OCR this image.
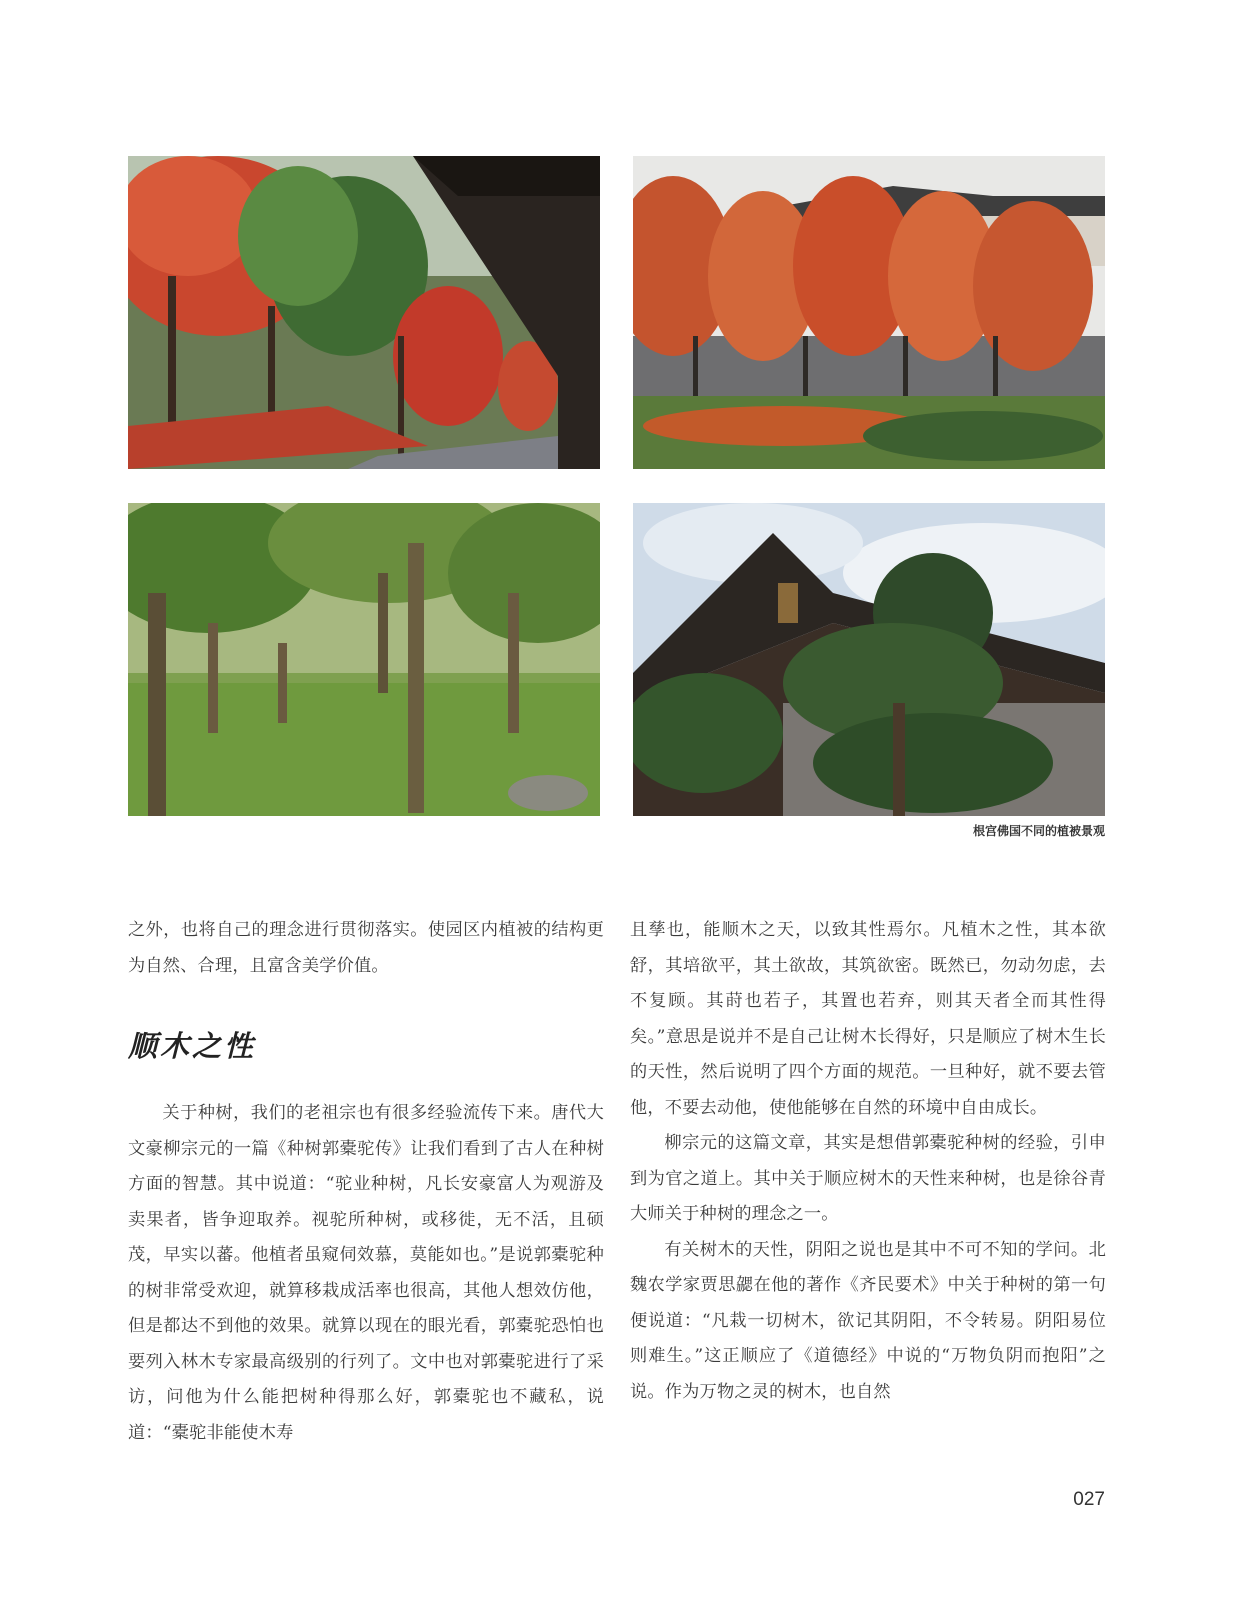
根宫佛国不同的植被景观

之外，也将自己的理念进行贯彻落实。使园区内植被的结构更为自然、合理，且富含美学价值。

顺木之性

关于种树，我们的老祖宗也有很多经验流传下来。唐代大文豪柳宗元的一篇《种树郭橐驼传》让我们看到了古人在种树方面的智慧。其中说道：“驼业种树，凡长安豪富人为观游及卖果者，皆争迎取养。视驼所种树，或移徙，无不活，且硕茂，早实以蕃。他植者虽窥伺效慕，莫能如也。”是说郭橐驼种的树非常受欢迎，就算移栽成活率也很高，其他人想效仿他，但是都达不到他的效果。就算以现在的眼光看，郭橐驼恐怕也要列入林木专家最高级别的行列了。文中也对郭橐驼进行了采访，问他为什么能把树种得那么好，郭橐驼也不藏私，说道：“橐驼非能使木寿

且孳也，能顺木之天，以致其性焉尔。凡植木之性，其本欲舒，其培欲平，其土欲故，其筑欲密。既然已，勿动勿虑，去不复顾。其莳也若子，其置也若弃，则其天者全而其性得矣。”意思是说并不是自己让树木长得好，只是顺应了树木生长的天性，然后说明了四个方面的规范。一旦种好，就不要去管他，不要去动他，使他能够在自然的环境中自由成长。

柳宗元的这篇文章，其实是想借郭橐驼种树的经验，引申到为官之道上。其中关于顺应树木的天性来种树，也是徐谷青大师关于种树的理念之一。

有关树木的天性，阴阳之说也是其中不可不知的学问。北魏农学家贾思勰在他的著作《齐民要术》中关于种树的第一句便说道：“凡栽一切树木，欲记其阴阳，不令转易。阴阳易位则难生。”这正顺应了《道德经》中说的“万物负阴而抱阳”之说。作为万物之灵的树木，也自然

027
